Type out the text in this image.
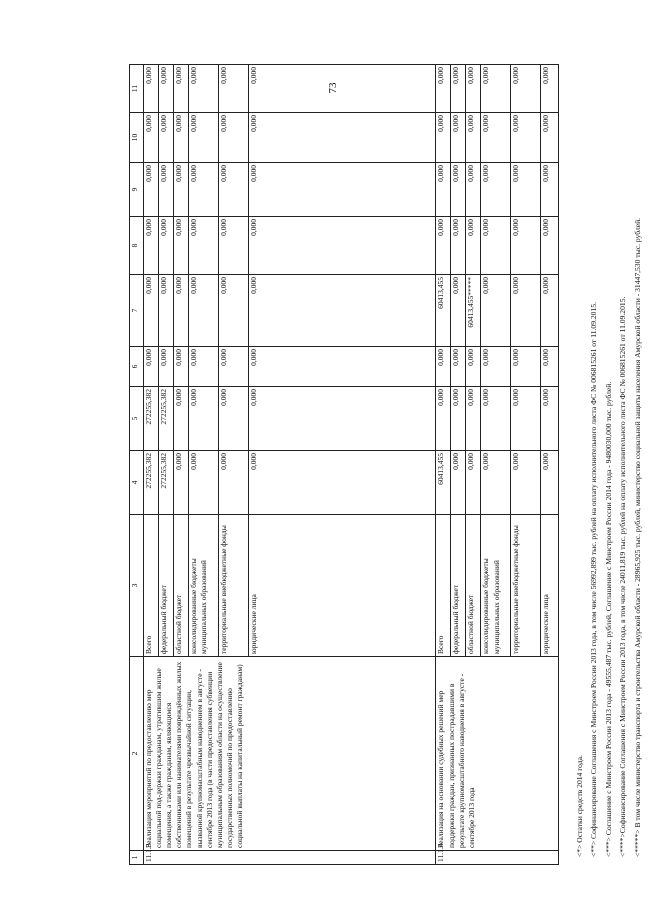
73
1	2	3	4	5	6	7	8	9	10	11
11.1.3	Реализация мероприятий по предоставлению мер социальной под-держки гражданам, утратившим жилые помещения, а также гражданам, являющимся собственниками или нанимателями повреждённых жилых помещений в результате чрезвычайной ситуации, вызванной крупномасштабным наводнением в августе - сентябре 2013 года (в части предоставления субвенции муниципальным образованиям области на осуществление государственных полномочий по предоставлению социальной выплаты на капитальный ремонт гражданам)	Всего	272255,382	272255,382	0,000	0,000	0,000	0,000	0,000	0,000
		федеральный бюджет	272255,382	272255,382	0,000	0,000	0,000	0,000	0,000	0,000
		областной бюджет	0,000	0,000	0,000	0,000	0,000	0,000	0,000	0,000
		консолидированные бюджеты муниципальных образований	0,000	0,000	0,000	0,000	0,000	0,000	0,000	0,000
		территориальные внебюджетные фонды	0,000	0,000	0,000	0,000	0,000	0,000	0,000	0,000
		юридические лица	0,000	0,000	0,000	0,000	0,000	0,000	0,000	0,000
11.1.4	Реализация на основании судебных решений мер поддержки граждан, признанных пострадавшими в результате крупномасштабного наводнения в августе - сентябре 2013 года	Всего	60413,455	0,000	0,000	60413,455	0,000	0,000	0,000	0,000
		федеральный бюджет	0,000	0,000	0,000	0,000	0,000	0,000	0,000	0,000
		областной бюджет	0,000	0,000	0,000	60413,455*****	0,000	0,000	0,000	0,000
		консолидированные бюджеты муниципальных образований	0,000	0,000	0,000	0,000	0,000	0,000	0,000	0,000
		территориальные внебюджетные фонды	0,000	0,000	0,000	0,000	0,000	0,000	0,000	0,000
		юридические лица	0,000	0,000	0,000	0,000	0,000	0,000	0,000	0,000
<*> Остатки средств 2014 года. <**> Софинансирование Соглашения с Минстроем России 2013 года, в том числе 56992,899 тыс. рублей на оплату исполнительного листа ФС № 006815261 от 11.09.2015. <***> Соглашение с Минстроем России 2013 года - 49555,487 тыс. рублей, Соглашение с Минстроем России 2014 года - 9480030,000 тыс. рублей. <****>Софинансирование Соглашения с Минстроем России 2013 года, в том числе 24011,819 тыс. рублей на оплату исполнительного листа ФС № 006815261 от 11.09.2015. <*****> В том числе министерство транспорта и строительства Амурской области - 28965,925 тыс. рублей, министерство социальной защиты населения Амурской области - 31447,530 тыс. рублей.
